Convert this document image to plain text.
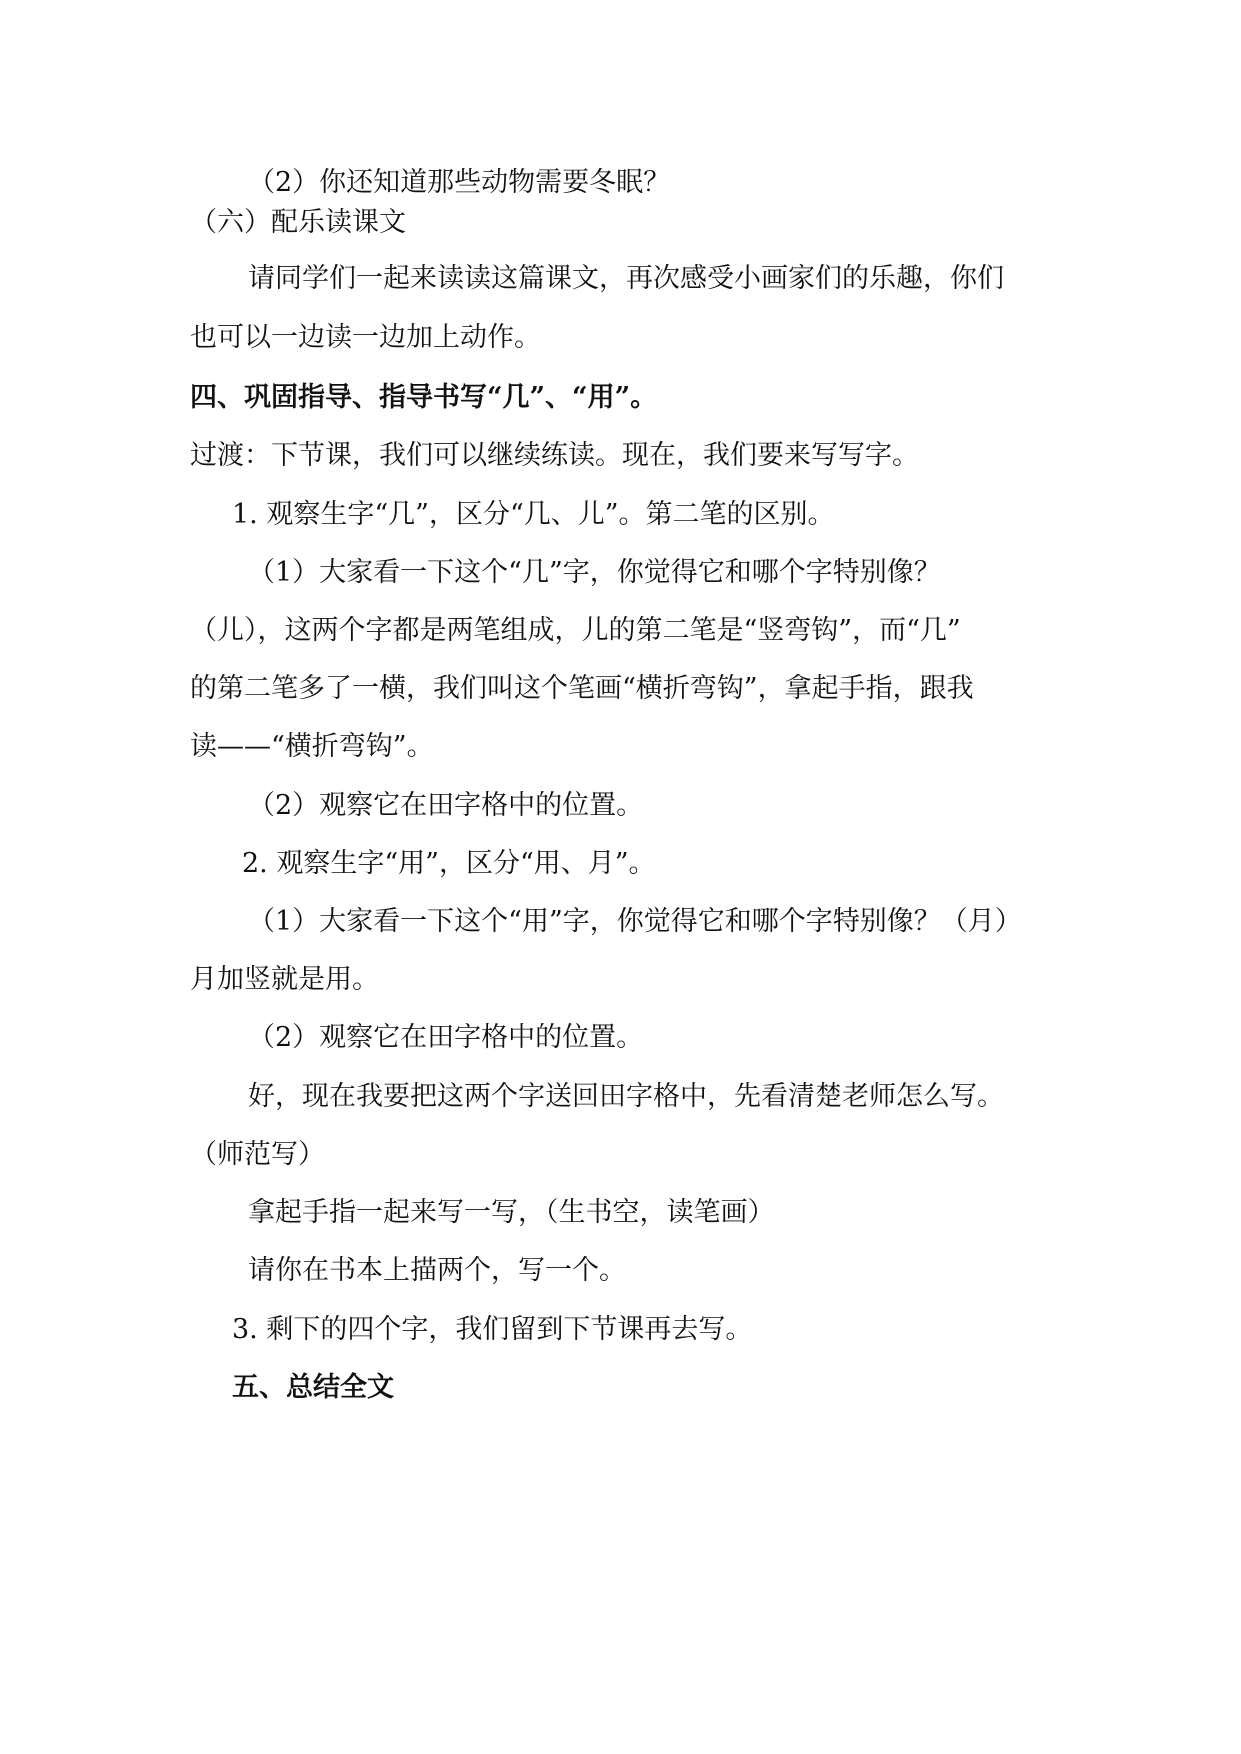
（2）你还知道那些动物需要冬眠？
（六）配乐读课文
请同学们一起来读读这篇课文，再次感受小画家们的乐趣，你们
也可以一边读一边加上动作。
四、巩固指导、指导书写“几”、“用”。
过渡：下节课，我们可以继续练读。现在，我们要来写写字。
1. 观察生字“几”，区分“几、儿”。第二笔的区别。
（1）大家看一下这个“几”字，你觉得它和哪个字特别像？
（儿），这两个字都是两笔组成，儿的第二笔是“竖弯钩”，而“几”
的第二笔多了一横，我们叫这个笔画“横折弯钩”，拿起手指，跟我
读——“横折弯钩”。
（2）观察它在田字格中的位置。
2. 观察生字“用”，区分“用、月”。
（1）大家看一下这个“用”字，你觉得它和哪个字特别像？（月）
月加竖就是用。
（2）观察它在田字格中的位置。
好，现在我要把这两个字送回田字格中，先看清楚老师怎么写。
（师范写）
拿起手指一起来写一写，（生书空，读笔画）
请你在书本上描两个，写一个。
3. 剩下的四个字，我们留到下节课再去写。
五、总结全文
